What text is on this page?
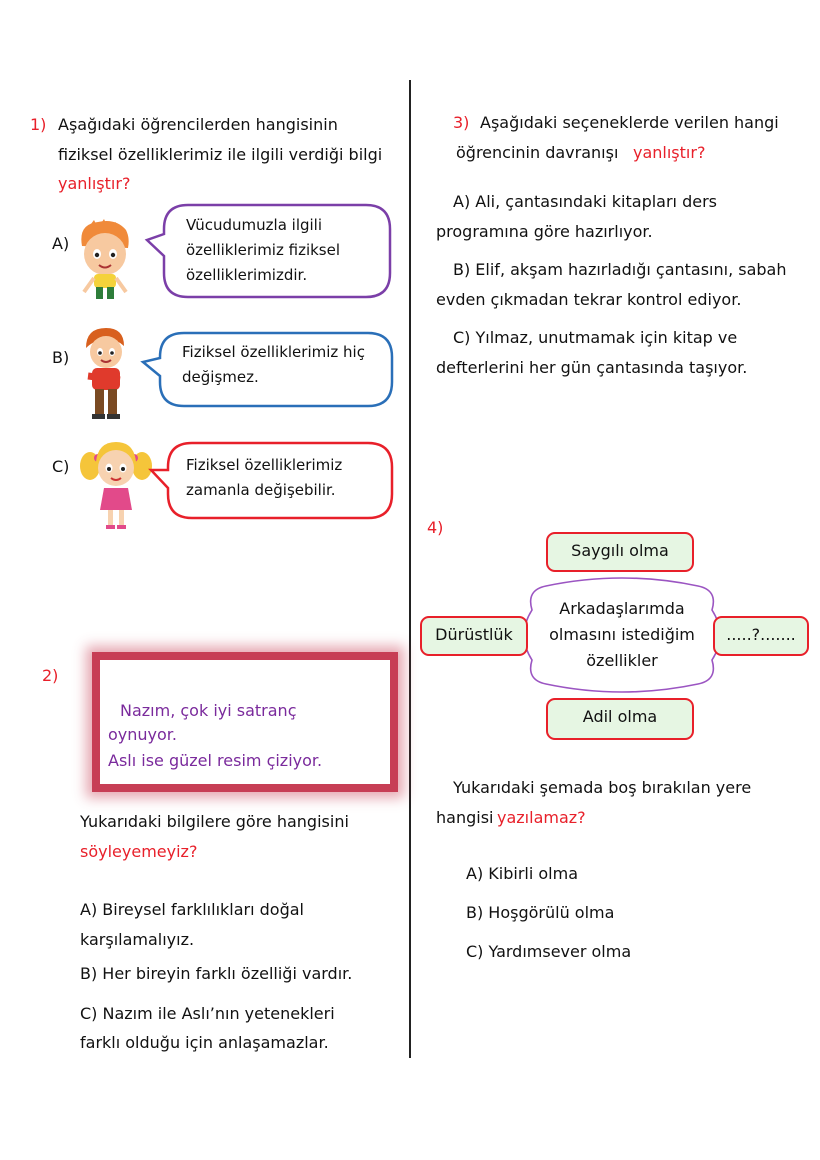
1) Aşağıdaki öğrencilerden hangisinin
fiziksel özelliklerimiz ile ilgili verdiği bilgi
yanlıştır?
A)
Vücudumuzla ilgili
özelliklerimiz fiziksel
özelliklerimizdir.
B)	Fiziksel özelliklerimiz hiç
değişmez.
C)	Fiziksel özelliklerimiz
zamanla değişebilir.
2)
Nazım, çok iyi satranç
oynuyor.
Aslı ise güzel resim çiziyor.
Yukarıdaki bilgilere göre hangisini
söyleyemeyiz?
A) Bireysel farklılıkları doğal
karşılamalıyız.
B) Her bireyin farklı özelliği vardır.
C) Nazım ile Aslı’nın yetenekleri
farklı olduğu için anlaşamazlar.
3) Aşağıdaki seçeneklerde verilen hangi
öğrencinin davranışı yanlıştır?
A) Ali, çantasındaki kitapları ders
programına göre hazırlıyor.
B) Elif, akşam hazırladığı çantasını, sabah
evden çıkmadan tekrar kontrol ediyor.
C) Yılmaz, unutmamak için kitap ve
defterlerini her gün çantasında taşıyor.
4)
Arkadaşlarımda
olmasını istediğim
özellikler
Saygılı olma
Dürüstlük	.....?.......
Adil olma
Yukarıdaki şemada boş bırakılan yere
hangisi yazılamaz?
A) Kibirli olma
B) Hoşgörülü olma
C) Yardımsever olma
